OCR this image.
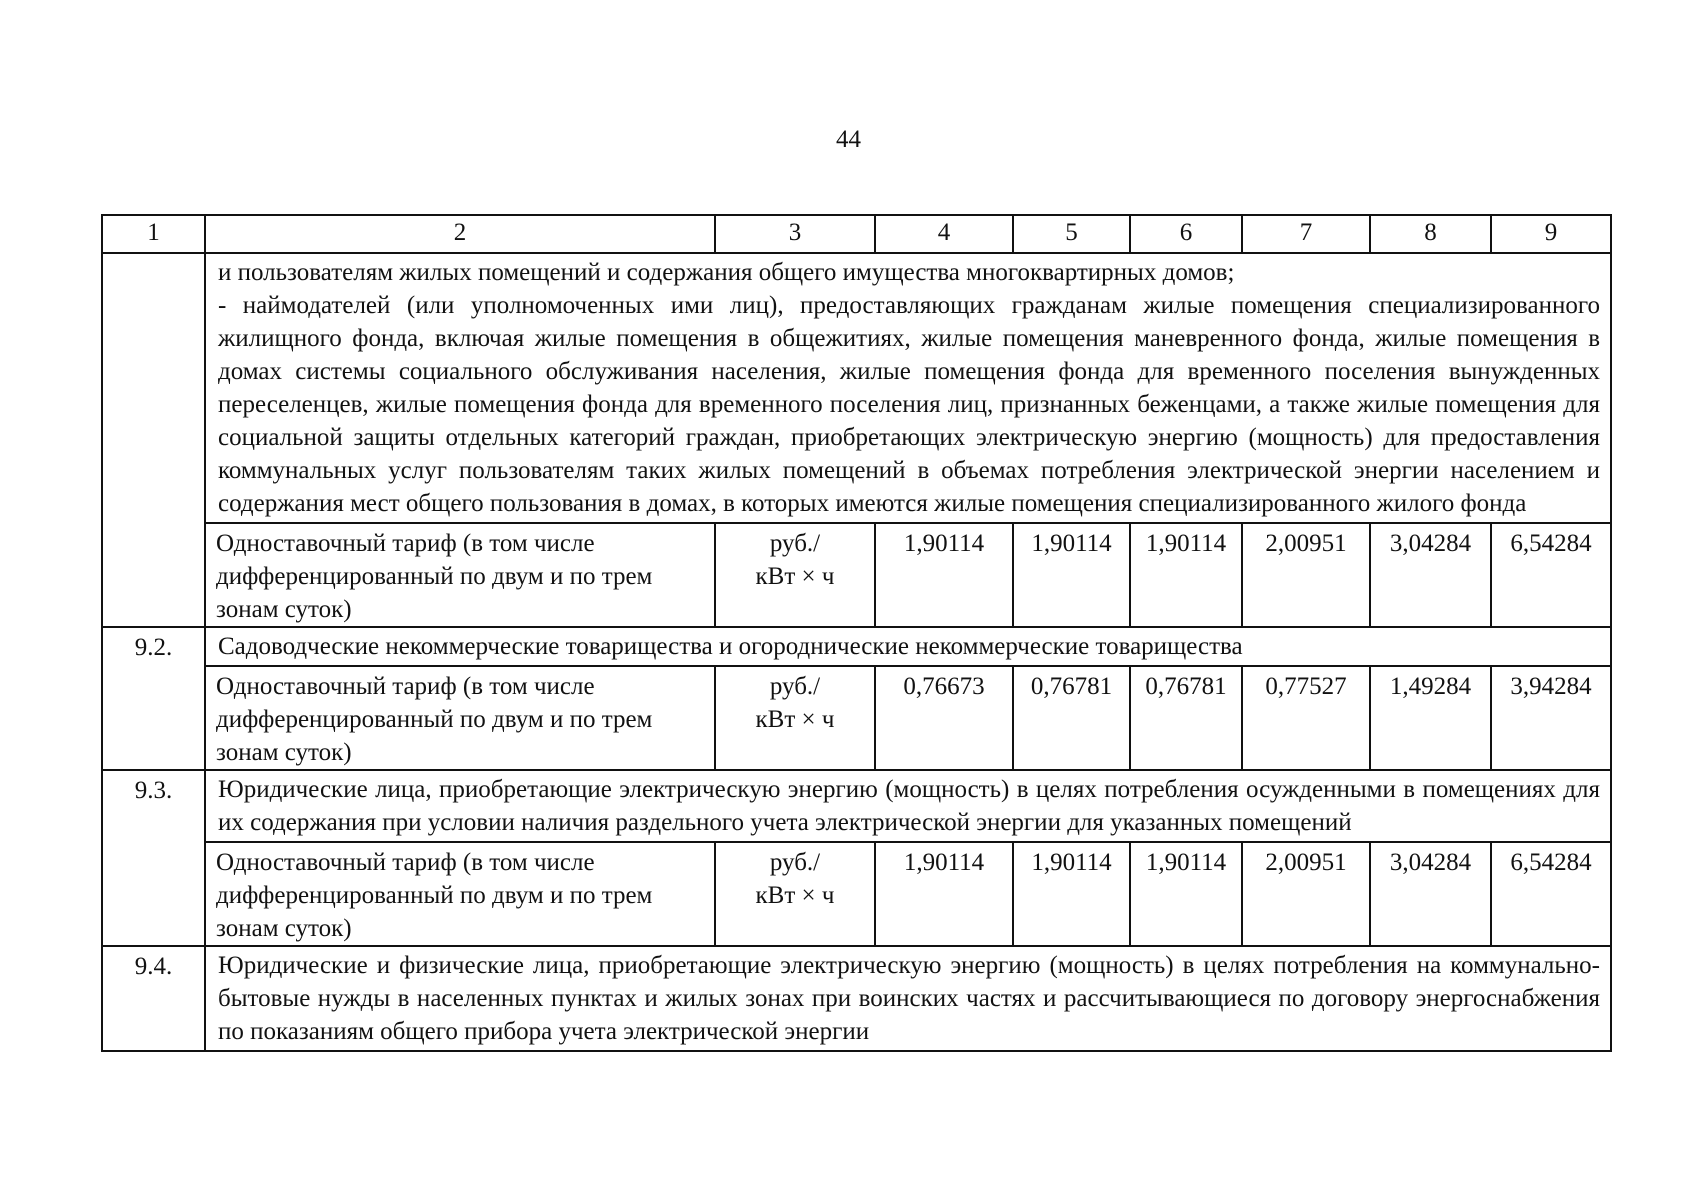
44
1	2	3	4	5	6	7	8	9

	и пользователям жилых помещений и содержания общего имущества многоквартирных домов;
- наймодателей (или уполномоченных ими лиц), предоставляющих гражданам жилые помещения специализированного жилищного фонда, включая жилые помещения в общежитиях, жилые помещения маневренного фонда, жилые помещения в домах системы социального обслуживания населения, жилые помещения фонда для временного поселения вынужденных переселенцев, жилые помещения фонда для временного поселения лиц, признанных беженцами, а также жилые помещения для социальной защиты отдельных категорий граждан, приобретающих электрическую энергию (мощность) для предоставления коммунальных услуг пользователям таких жилых помещений в объемах потребления электрической энергии населением и содержания мест общего пользования в домах, в которых имеются жилые помещения специализированного жилого фонда							

	Одноставочный тариф (в том числе дифференцированный по двум и по трем зонам суток)	руб./
кВт × ч	1,90114	1,90114	1,90114	2,00951	3,04284	6,54284
9.2.	Садоводческие некоммерческие товарищества и огороднические некоммерческие товарищества							
	Одноставочный тариф (в том числе дифференцированный по двум и по трем зонам суток)	руб./
кВт × ч	0,76673	0,76781	0,76781	0,77527	1,49284	3,94284
9.3.	Юридические лица, приобретающие электрическую энергию (мощность) в целях потребления осужденными в помещениях для их содержания при условии наличия раздельного учета электрической энергии для указанных помещений							
	Одноставочный тариф (в том числе дифференцированный по двум и по трем зонам суток)	руб./
кВт × ч	1,90114	1,90114	1,90114	2,00951	3,04284	6,54284
9.4.	Юридические и физические лица, приобретающие электрическую энергию (мощность) в целях потребления на коммунально-бытовые нужды в населенных пунктах и жилых зонах при воинских частях и рассчитывающиеся по договору энергоснабжения по показаниям общего прибора учета электрической энергии							
